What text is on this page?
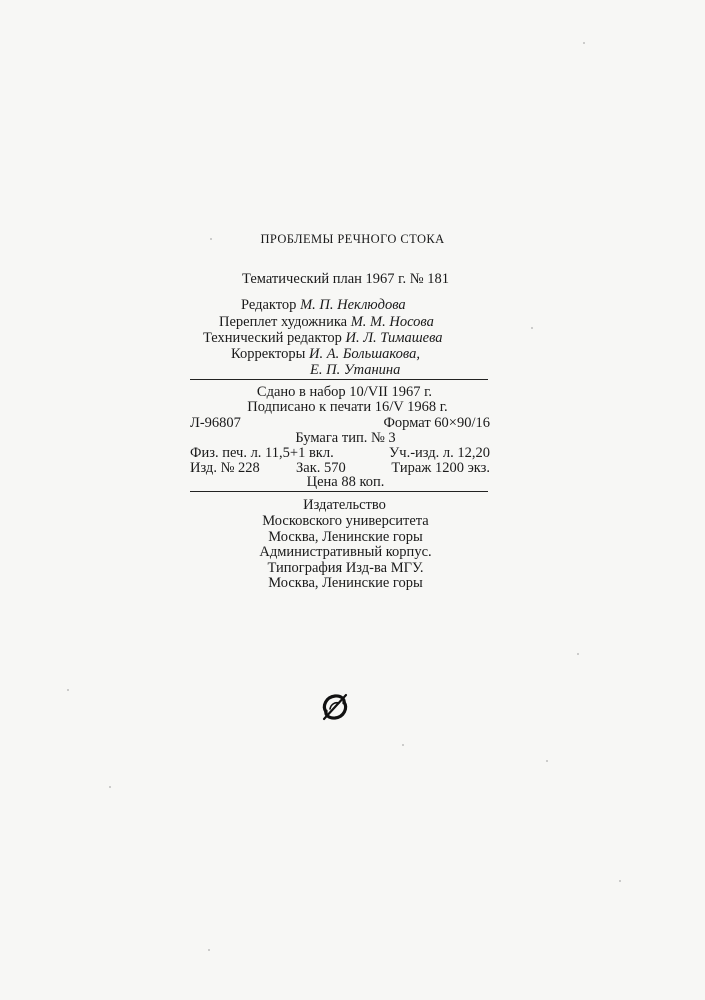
ПРОБЛЕМЫ РЕЧНОГО СТОКА
Тематический план 1967 г. № 181
Редактор М. П. Неклюдова
Переплет художника М. М. Носова
Технический редактор И. Л. Тимашева
Корректоры И. А. Большакова,
Е. П. Утанина
Сдано в набор 10/VII 1967 г.
Подписано к печати 16/V 1968 г.
Л-96807	Формат 60×90/16
Бумага тип. № 3
Физ. печ. л. 11,5+1 вкл.	Уч.-изд. л. 12,20
Изд. № 228 Зак. 570	Тираж 1200 экз.
Цена 88 коп.
Издательство
Московского университета
Москва, Ленинские горы
Административный корпус.
Типография Изд-ва МГУ.
Москва, Ленинские горы
